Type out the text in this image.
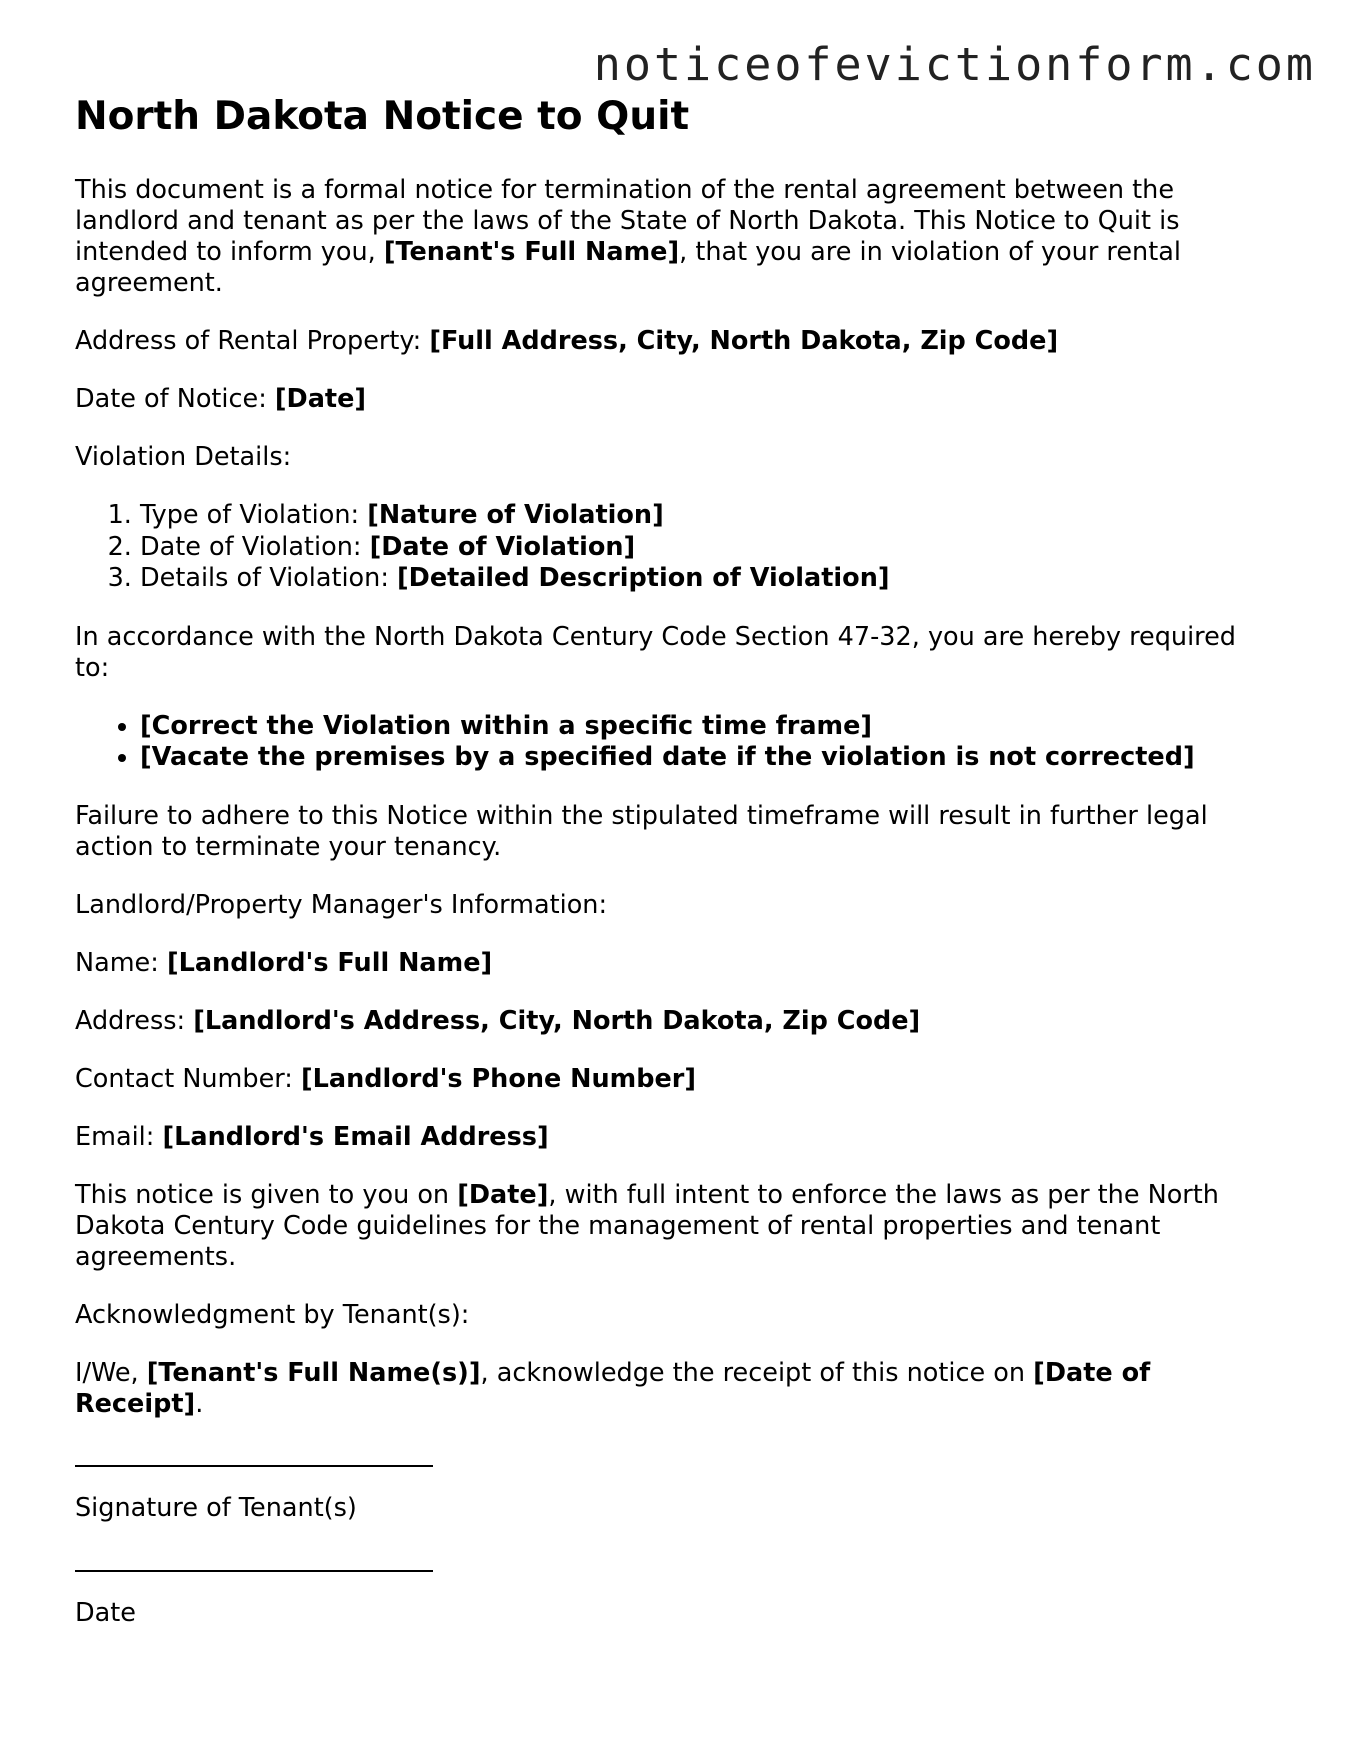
noticeofevictionform.com
North Dakota Notice to Quit

This document is a formal notice for termination of the rental agreement between the landlord and tenant as per the laws of the State of North Dakota. This Notice to Quit is intended to inform you, [Tenant's Full Name], that you are in violation of your rental agreement.

Address of Rental Property: [Full Address, City, North Dakota, Zip Code]

Date of Notice: [Date]

Violation Details:

1. Type of Violation: [Nature of Violation]
2. Date of Violation: [Date of Violation]
3. Details of Violation: [Detailed Description of Violation]

In accordance with the North Dakota Century Code Section 47-32, you are hereby required to:

• [Correct the Violation within a specific time frame]
• [Vacate the premises by a specified date if the violation is not corrected]

Failure to adhere to this Notice within the stipulated timeframe will result in further legal action to terminate your tenancy.

Landlord/Property Manager's Information:

Name: [Landlord's Full Name]

Address: [Landlord's Address, City, North Dakota, Zip Code]

Contact Number: [Landlord's Phone Number]

Email: [Landlord's Email Address]

This notice is given to you on [Date], with full intent to enforce the laws as per the North Dakota Century Code guidelines for the management of rental properties and tenant agreements.

Acknowledgment by Tenant(s):

I/We, [Tenant's Full Name(s)], acknowledge the receipt of this notice on [Date of Receipt].

Signature of Tenant(s)

Date
